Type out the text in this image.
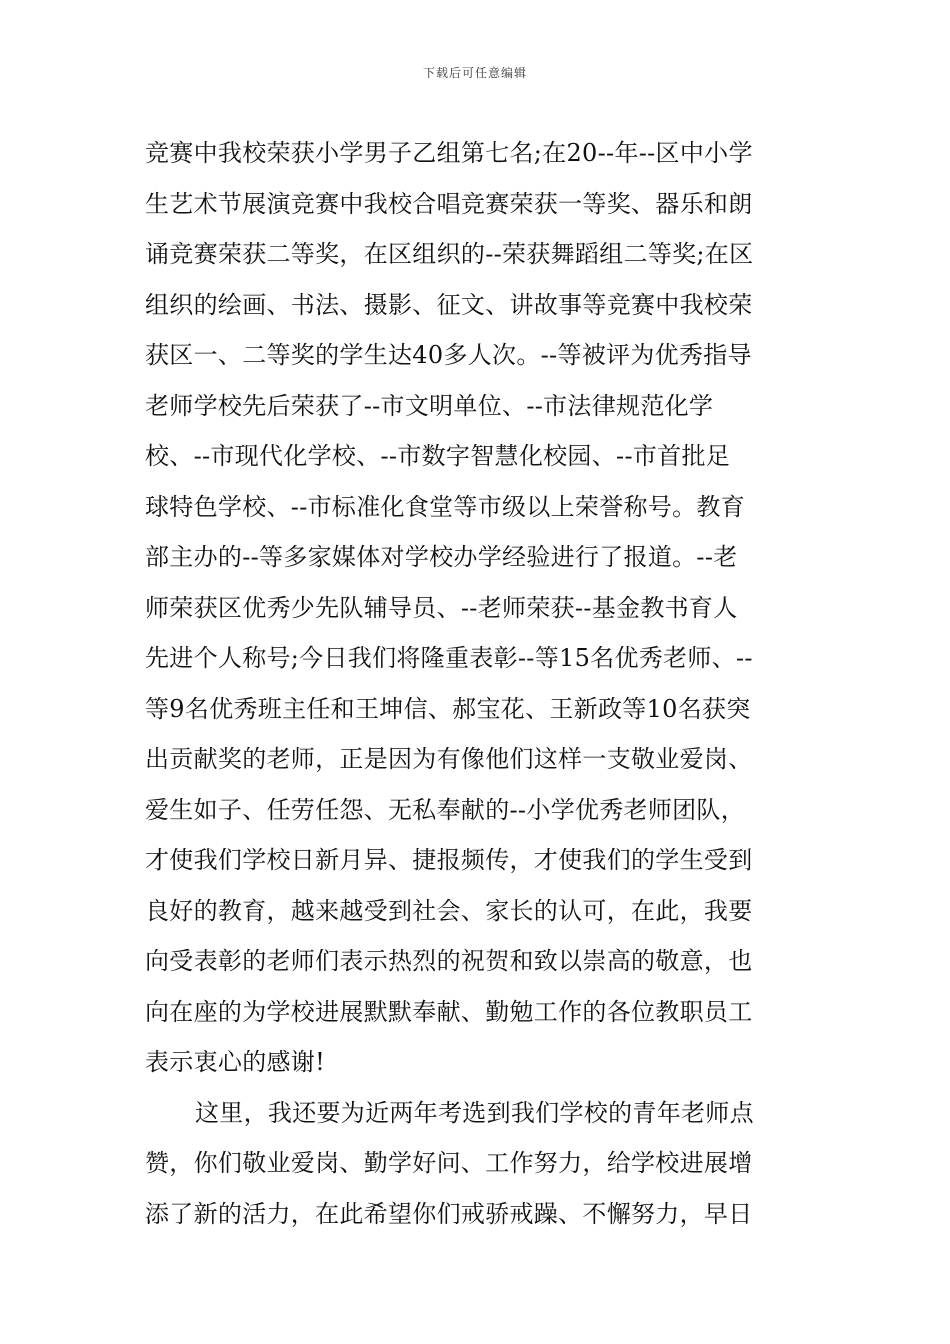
下载后可任意编辑
竞赛中我校荣获小学男子乙组第七名;在20--年--区中小学
生艺术节展演竞赛中我校合唱竞赛荣获一等奖、器乐和朗
诵竞赛荣获二等奖，在区组织的--荣获舞蹈组二等奖;在区
组织的绘画、书法、摄影、征文、讲故事等竞赛中我校荣
获区一、二等奖的学生达40多人次。--等被评为优秀指导
老师学校先后荣获了--市文明单位、--市法律规范化学
校、--市现代化学校、--市数字智慧化校园、--市首批足
球特色学校、--市标准化食堂等市级以上荣誉称号。教育
部主办的--等多家媒体对学校办学经验进行了报道。--老
师荣获区优秀少先队辅导员、--老师荣获--基金教书育人
先进个人称号;今日我们将隆重表彰--等15名优秀老师、--
等9名优秀班主任和王坤信、郝宝花、王新政等10名获突
出贡献奖的老师，正是因为有像他们这样一支敬业爱岗、
爱生如子、任劳任怨、无私奉献的--小学优秀老师团队，
才使我们学校日新月异、捷报频传，才使我们的学生受到
良好的教育，越来越受到社会、家长的认可，在此，我要
向受表彰的老师们表示热烈的祝贺和致以崇高的敬意，也
向在座的为学校进展默默奉献、勤勉工作的各位教职员工
表示衷心的感谢!
这里，我还要为近两年考选到我们学校的青年老师点
赞，你们敬业爱岗、勤学好问、工作努力，给学校进展增
添了新的活力，在此希望你们戒骄戒躁、不懈努力，早日
